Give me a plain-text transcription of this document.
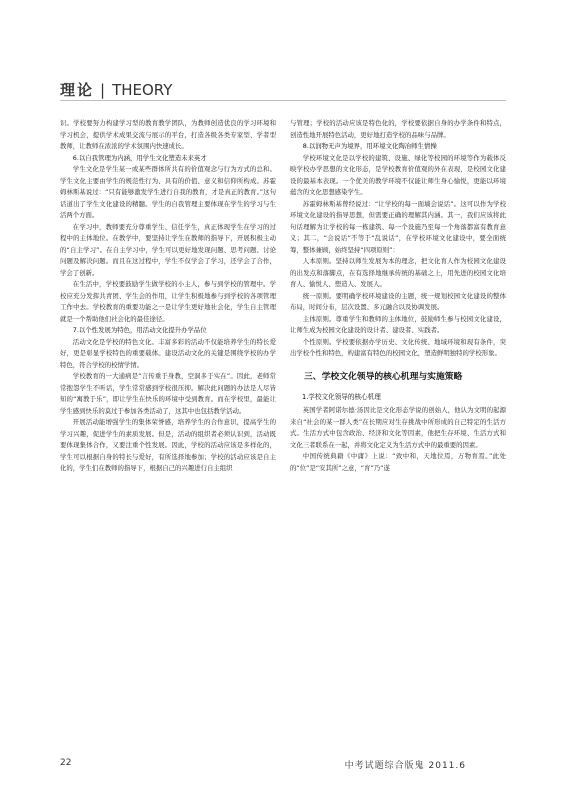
理论 | THEORY

识。学校要努力构建学习型的教育教学团队，为教师创造优良的学习环境和学习机会，提供学术成果交流与展示的平台，打造各级各类专家型、学者型教师，让教师在浓浓的学术氛围内快速成长。

6.以自我管理为内涵，用学生文化塑造未来英才

学生文化是学生某一或某些群体所共有的价值观念与行为方式的总和。学生文化主要由学生的规范性行为、具有的价值、意义和信仰所构成。苏霍姆林斯基说过：“只有能够激发学生进行自我的教育，才是真正的教育。”这句话道出了学生文化建设的精髓。学生的自我管理主要体现在学生的学习与生活两个方面。

在学习中，教师要充分尊重学生、信任学生，真正体现学生在学习的过程中的主体地位。在教学中，要坚持让学生在教师的指导下，开展积极主动的“自主学习”。在自主学习中，学生可以更好地发现问题、思考问题、讨论问题及解决问题。而且在这过程中，学生不仅学会了学习，还学会了合作，学会了创新。

在生活中，学校要鼓励学生做学校的小主人，参与到学校的管理中。学校应充分发挥共青团、学生会的作用，让学生积极地参与到学校的各项管理工作中去。学校教育的重要功能之一是让学生更好地社会化，学生自主管理就是一个帮助他们社会化的最佳途径。

7.以个性发展为特色，用活动文化提升办学品位

活动文化是学校的特色文化。丰富多彩的活动不仅能培养学生的特长爱好，更是彰显学校特色的重要载体。建设活动文化的关键是围绕学校的办学特色，符合学校的校情学情。

学校教育的一大通病是“言传重于身教，空洞多于实在”。因此，老师常常抱怨学生不听话，学生常常感到学校很压抑。解决此问题的办法是人尽皆知的“寓教于乐”，即让学生在快乐的环境中受到教育。而在学校里，最能让学生感到快乐的莫过于参加各类活动了，这其中也包括教学活动。

开展活动能增强学生的集体荣誉感，培养学生的合作意识，提高学生的学习兴趣，促进学生的素质发展。但是，活动的组织者必须认识到，活动既要体现集体合作，又要注重个性发展。因此，学校的活动应该是多样化的，学生可以根据自身的特长与爱好，有所选择地参加；学校的活动应该是自主化的，学生们在教师的指导下，根据自己的兴趣进行自主组织

与管理；学校的活动应该是特色化的，学校要依据自身的办学条件和特点，创造性地开展特色活动，更好地打造学校的品味与品牌。

8.以润物无声为境界，用环境文化陶冶师生情操

学校环境文化是以学校的建筑、设施、绿化等校园的环境等作为载体反映学校办学思想的文化形态，是学校教育价值观的外在表现，是校园文化建设的最基本表现。一个优美的教学环境不仅能让师生身心愉悦，更能以环境蕴含的文化思想感染学生。

苏霍姆林斯基曾经说过：“让学校的每一面墙会说话”。这可以作为学校环境文化建设的指导思想，但需要正确的理解其内涵。其一，我们应该将此句话理解为让学校的每一栋建筑、每一个设施乃至每一个角落都富有教育意义；其二，“会说话”不等于“乱说话”，在学校环境文化建设中，要全面统筹，整体兼顾，始终坚持“四项原则”：

人本原则。坚持以师生发展为本的理念，把文化育人作为校园文化建设的出发点和落脚点，在有选择地继承传统的基础之上，用先进的校园文化培育人、愉悦人、塑造人、发展人。

统一原则。要明确学校环境建设的主题，统一规划校园文化建设的整体布局，时间分布，层次设置、多元融合以及协调发展。

主体原则。尊重学生和教师的主体地位，鼓励师生参与校园文化建设，让师生成为校园文化建设的设计者、建设者、实践者。

个性原则。学校要依据办学历史、文化传统、地域环境和现有条件，突出学校个性和特色，构建富有特色的校园文化，塑造鲜明独特的学校形象。

三、学校文化领导的核心机理与实施策略
1.学校文化领导的核心机理

英国学者阿诺尔德·汤因比是文化形态学说的创始人，他认为文明的起源来自“社会的某一群人类”在长期应对生存挑战中所形成的自己特定的生活方式。生活方式中包含政治、经济和文化等因素，他把生存环境、生活方式和文化三者联系在一起，并将文化定义为生活方式中的最重要的因素。

中国传统典籍《中庸》上说：“致中和，天地位焉，万物育焉。”此处的“位”是“安其所”之意，“育”乃“遂

22	中考试题综合版鬼 2011.6
